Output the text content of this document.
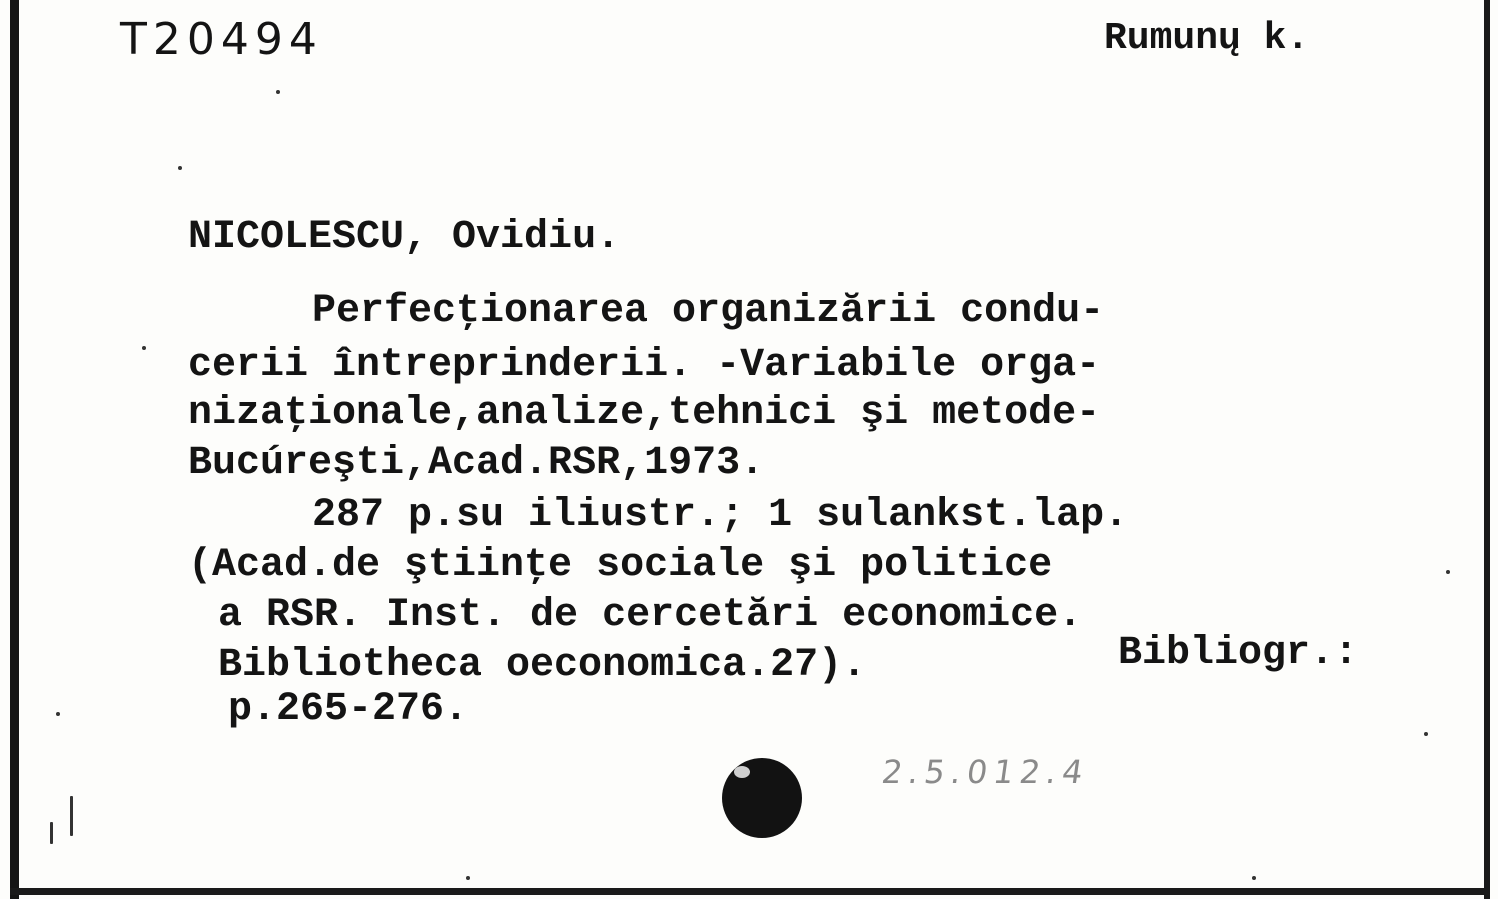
T20494	Rumunų k.

NICOLESCU, Ovidiu.

Perfecţionarea organizării condu-

cerii întreprinderii. -Variabile orga-

nizaţionale,analize,tehnici şi metode-

Bucúreşti,Acad.RSR,1973.

287 p.su iliustr.; 1 sulankst.lap.

(Acad.de ştiinţe sociale şi politice

a RSR. Inst. de cercetări economice.

Bibliotheca oeconomica.27).	Bibliogr.:

p.265-276.

2.5.012.4
